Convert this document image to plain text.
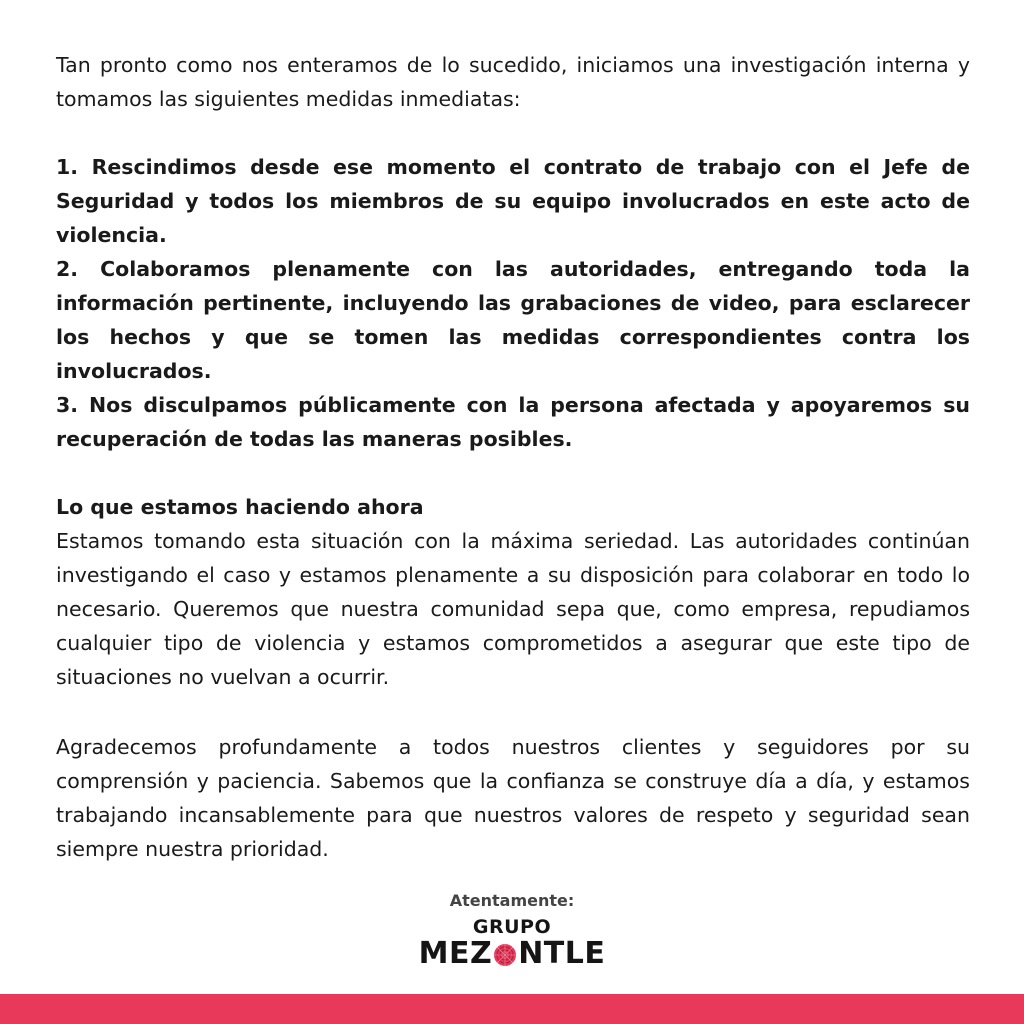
Tan pronto como nos enteramos de lo sucedido, iniciamos una investigación interna y tomamos las siguientes medidas inmediatas:

1. Rescindimos desde ese momento el contrato de trabajo con el Jefe de Seguridad y todos los miembros de su equipo involucrados en este acto de violencia.

2. Colaboramos plenamente con las autoridades, entregando toda la información pertinente, incluyendo las grabaciones de video, para esclarecer los hechos y que se tomen las medidas correspondientes contra los involucrados.

3. Nos disculpamos públicamente con la persona afectada y apoyaremos su recuperación de todas las maneras posibles.

Lo que estamos haciendo ahora

Estamos tomando esta situación con la máxima seriedad. Las autoridades continúan investigando el caso y estamos plenamente a su disposición para colaborar en todo lo necesario. Queremos que nuestra comunidad sepa que, como empresa, repudiamos cualquier tipo de violencia y estamos comprometidos a asegurar que este tipo de situaciones no vuelvan a ocurrir.

Agradecemos profundamente a todos nuestros clientes y seguidores por su comprensión y paciencia. Sabemos que la confianza se construye día a día, y estamos trabajando incansablemente para que nuestros valores de respeto y seguridad sean siempre nuestra prioridad.

Atentamente:

GRUPO
MEZ NTLE
